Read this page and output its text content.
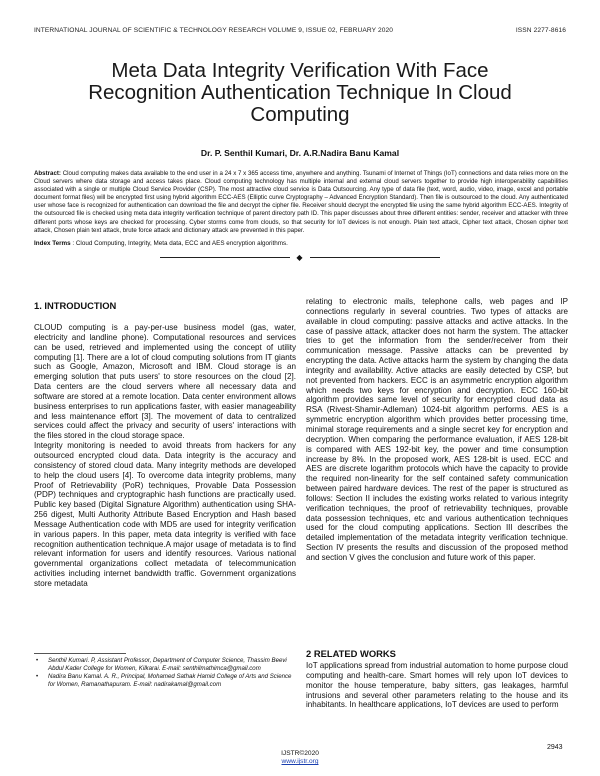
INTERNATIONAL JOURNAL OF SCIENTIFIC & TECHNOLOGY RESEARCH VOLUME 9, ISSUE 02, FEBRUARY 2020	ISSN 2277-8616
Meta Data Integrity Verification With Face
Recognition Authentication Technique In Cloud
Computing
Dr. P. Senthil Kumari, Dr. A.R.Nadira Banu Kamal
Abstract: Cloud computing makes data available to the end user in a 24 x 7 x 365 access time, anywhere and anything. Tsunami of Internet of Things (IoT) connections and data relies more on the Cloud servers where data storage and access takes place. Cloud computing technology has multiple internal and external cloud servers together to provide high interoperability capabilities associated with a single or multiple Cloud Service Provider (CSP). The most attractive cloud service is Data Outsourcing. Any type of data file (text, word, audio, video, image, excel and portable document format files) will be encrypted first using hybrid algorithm ECC-AES (Elliptic curve Cryptography – Advanced Encryption Standard). Then file is outsourced to the cloud. Any authenticated user whose face is recognized for authentication can download the file and decrypt the cipher file. Receiver should decrypt the encrypted file using the same hybrid algorithm ECC-AES. Integrity of the outsourced file is checked using meta data integrity verification technique of parent directory path ID. This paper discusses about three different entities: sender, receiver and attacker with three different ports whose keys are checked for processing. Cyber storms come from clouds, so that security for IoT devices is not enough. Plain text attack, Cipher text attack, Chosen cipher text attack, Chosen plain text attack, brute force attack and dictionary attack are prevented in this paper.
Index Terms : Cloud Computing, Integrity, Meta data, ECC and AES encryption algorithms.
◆
1. INTRODUCTION

CLOUD computing is a pay-per-use business model (gas, water, electricity and landline phone). Computational resources and services can be used, retrieved and implemented using the concept of utility computing [1]. There are a lot of cloud computing solutions from IT giants such as Google, Amazon, Microsoft and IBM. Cloud storage is an emerging solution that puts users' to store resources on the cloud [2]. Data centers are the cloud servers where all necessary data and software are stored at a remote location. Data center environment allows business enterprises to run applications faster, with easier manageability and less maintenance effort [3]. The movement of data to centralized services could affect the privacy and security of users' interactions with the files stored in the cloud storage space.

Integrity monitoring is needed to avoid threats from hackers for any outsourced encrypted cloud data. Data integrity is the accuracy and consistency of stored cloud data. Many integrity methods are developed to help the cloud users [4]. To overcome data integrity problems, many Proof of Retrievability (PoR) techniques, Provable Data Possession (PDP) techniques and cryptographic hash functions are practically used. Public key based (Digital Signature Algorithm) authentication using SHA-256 digest, Multi Authority Attribute Based Encryption and Hash based Message Authentication code with MD5 are used for integrity verification in various papers. In this paper, meta data integrity is verified with face recognition authentication technique.A major usage of metadata is to find relevant information for users and identify resources. Various national governmental organizations collect metadata of telecommunication activities including internet bandwidth traffic. Government organizations store metadata

•	Senthil Kumari. P, Assistant Professor, Department of Computer Science, Thassim Beevi Abdul Kader College for Women, Kilkarai. E-mail: senthilmathimca@gmail.com
•	Nadira Banu Kamal. A. R., Principal, Mohamed Sathak Hamid College of Arts and Science for Women, Ramanathapuram. E-mail: nadirakamal@gmail.com

relating to electronic mails, telephone calls, web pages and IP connections regularly in several countries. Two types of attacks are available in cloud computing: passive attacks and active attacks. In the case of passive attack, attacker does not harm the system. The attacker tries to get the information from the sender/receiver from their communication message. Passive attacks can be prevented by encrypting the data. Active attacks harm the system by changing the data integrity and availability. Active attacks are easily detected by CSP, but not prevented from hackers. ECC is an asymmetric encryption algorithm which needs two keys for encryption and decryption. ECC 160-bit algorithm provides same level of security for encrypted cloud data as RSA (Rivest-Shamir-Adleman) 1024-bit algorithm performs. AES is a symmetric encryption algorithm which provides better processing time, minimal storage requirements and a single secret key for encryption and decryption. When comparing the performance evaluation, if AES 128-bit is compared with AES 192-bit key, the power and time consumption increase by 8%. In the proposed work, AES 128-bit is used. ECC and AES are discrete logarithm protocols which have the capacity to provide the required non-linearity for the self contained safety communication between paired hardware devices. The rest of the paper is structured as follows: Section II includes the existing works related to various integrity verification techniques, the proof of retrievability techniques, provable data possession techniques, etc and various authentication techniques used for the cloud computing applications. Section III describes the detailed implementation of the metadata integrity verification technique. Section IV presents the results and discussion of the proposed method and section V gives the conclusion and future work of this paper.

2 RELATED WORKS

IoT applications spread from industrial automation to home purpose cloud computing and health-care. Smart homes will rely upon IoT devices to monitor the house temperature, baby sitters, gas leakages, harmful intrusions and several other parameters relating to the house and its inhabitants. In healthcare applications, IoT devices are used to perform

2943
IJSTR©2020
www.ijstr.org
